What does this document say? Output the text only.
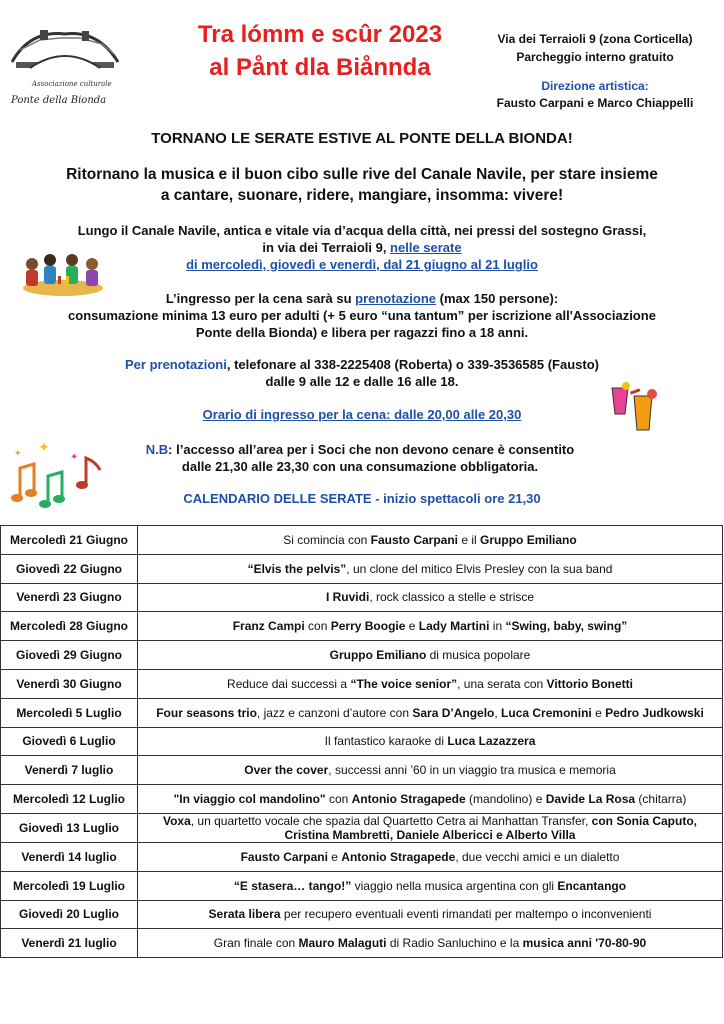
Associazione culturale
Ponte della Bionda
Tra lómm e scûr 2023
al Pånt dla Biånnda
Via dei Terraioli 9 (zona Corticella)
Parcheggio interno gratuito
Direzione artistica:
Fausto Carpani e Marco Chiappelli
TORNANO LE SERATE ESTIVE AL PONTE DELLA BIONDA!
Ritornano la musica e il buon cibo sulle rive del Canale Navile, per stare insieme
a cantare, suonare, ridere, mangiare, insomma: vivere!
Lungo il Canale Navile, antica e vitale via d’acqua della città, nei pressi del sostegno Grassi,
in via dei Terraioli 9, nelle serate
di mercoledì, giovedì e venerdì, dal 21 giugno al 21 luglio
L’ingresso per la cena sarà su prenotazione (max 150 persone):
consumazione minima 13 euro per adulti (+ 5 euro “una tantum” per iscrizione all'Associazione
Ponte della Bionda) e libera per ragazzi fino a 18 anni.
Per prenotazioni, telefonare al 338-2225408 (Roberta) o 339-3536585 (Fausto)
dalle 9 alle 12 e dalle 16 alle 18.
Orario di ingresso per la cena: dalle 20,00 alle 20,30
N.B: l’accesso all’area per i Soci che non devono cenare è consentito
dalle 21,30 alle 23,30 con una consumazione obbligatoria.
CALENDARIO DELLE SERATE - inizio spettacoli ore 21,30
✦
✦
✦
Mercoledì 21 Giugno	Si comincia con Fausto Carpani e il Gruppo Emiliano
Giovedì 22 Giugno	“Elvis the pelvis”, un clone del mitico Elvis Presley con la sua band
Venerdì 23 Giugno	I Ruvidi, rock classico a stelle e strisce
Mercoledì 28 Giugno	Franz Campi con Perry Boogie e Lady Martini in “Swing, baby, swing”
Giovedì 29 Giugno	Gruppo Emiliano di musica popolare
Venerdì 30 Giugno	Reduce dai successi a “The voice senior”, una serata con Vittorio Bonetti
Mercoledì 5 Luglio	Four seasons trio, jazz e canzoni d’autore con Sara D’Angelo, Luca Cremonini e Pedro Judkowski
Giovedì 6 Luglio	Il fantastico karaoke di Luca Lazazzera
Venerdì 7 luglio	Over the cover, successi anni ’60 in un viaggio tra musica e memoria
Mercoledì 12 Luglio	"In viaggio col mandolino" con Antonio Stragapede (mandolino) e Davide La Rosa (chitarra)
Giovedì 13 Luglio	Voxa, un quartetto vocale che spazia dal Quartetto Cetra ai Manhattan Transfer, con Sonia Caputo, Cristina Mambretti, Daniele Albericci e Alberto Villa
Venerdì 14 luglio	Fausto Carpani e Antonio Stragapede, due vecchi amici e un dialetto
Mercoledì 19 Luglio	“E stasera… tango!” viaggio nella musica argentina con gli Encantango
Giovedì 20 Luglio	Serata libera per recupero eventuali eventi rimandati per maltempo o inconvenienti
Venerdì 21 luglio	Gran finale con Mauro Malaguti di Radio Sanluchino e la musica anni '70-80-90
